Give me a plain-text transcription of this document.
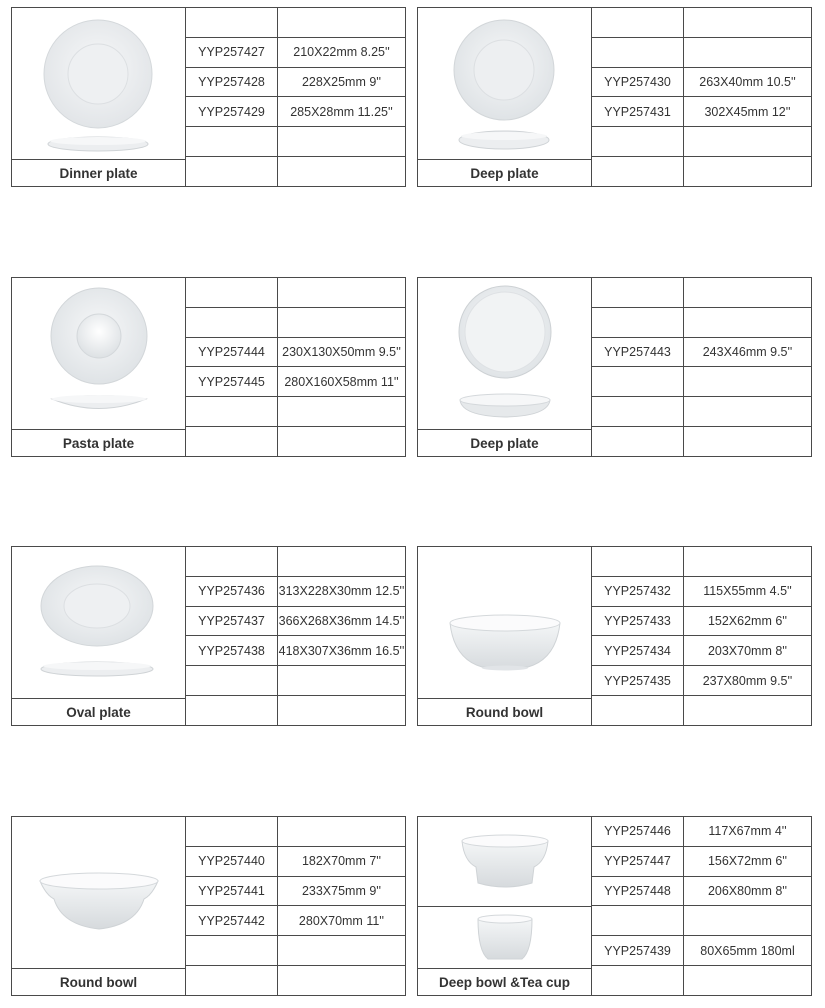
Dinner plate
YYP257427	210X22mm 8.25''
YYP257428	228X25mm 9''
YYP257429	285X28mm 11.25''
Deep plate
YYP257430	263X40mm 10.5''
YYP257431	302X45mm 12''
Pasta plate
YYP257444	230X130X50mm 9.5''
YYP257445	280X160X58mm 11''
Deep plate
YYP257443	243X46mm 9.5''
Oval plate
YYP257436	313X228X30mm 12.5''
YYP257437	366X268X36mm 14.5''
YYP257438	418X307X36mm 16.5''
Round bowl
YYP257432	115X55mm 4.5''
YYP257433	152X62mm 6''
YYP257434	203X70mm 8''
YYP257435	237X80mm 9.5''
Round bowl
YYP257440	182X70mm 7''
YYP257441	233X75mm 9''
YYP257442	280X70mm 11''
Deep bowl &Tea cup
YYP257446	117X67mm 4''
YYP257447	156X72mm 6''
YYP257448	206X80mm 8''
YYP257439	80X65mm 180ml
